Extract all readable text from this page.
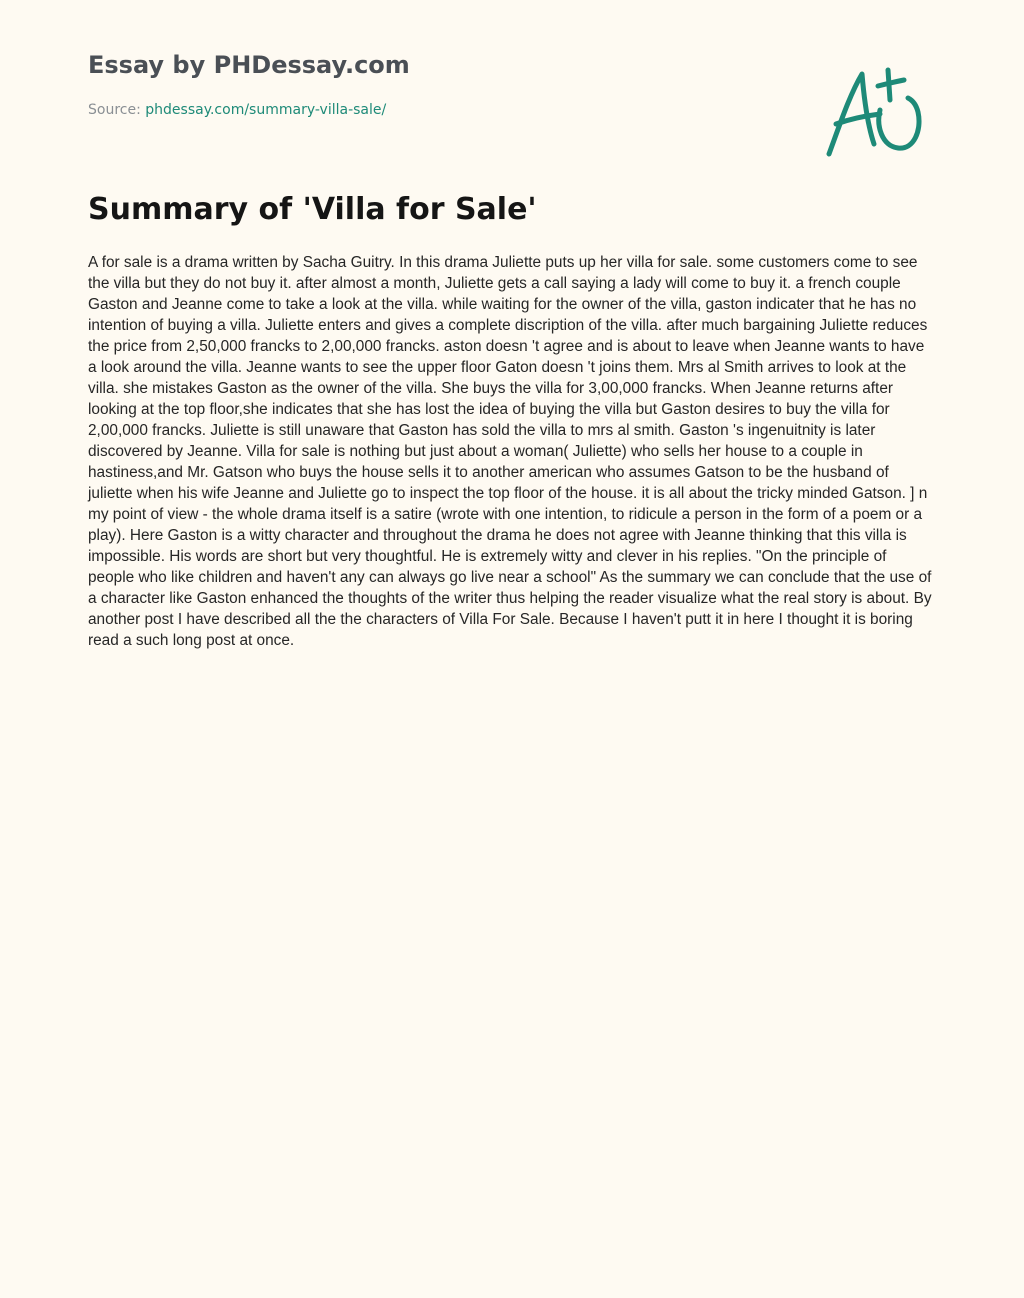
Essay by PHDessay.com
Source: phdessay.com/summary-villa-sale/
Summary of 'Villa for Sale'

A for sale is a drama written by Sacha Guitry. In this drama Juliette puts up her villa for sale. some customers come to see the villa but they do not buy it. after almost a month, Juliette gets a call saying a lady will come to buy it. a french couple Gaston and Jeanne come to take a look at the villa. while waiting for the owner of the villa, gaston indicater that he has no intention of buying a villa. Juliette enters and gives a complete discription of the villa. after much bargaining Juliette reduces the price from 2,50,000 francks to 2,00,000 francks. aston doesn 't agree and is about to leave when Jeanne wants to have a look around the villa. Jeanne wants to see the upper floor Gaton doesn 't joins them. Mrs al Smith arrives to look at the villa. she mistakes Gaston as the owner of the villa. She buys the villa for 3,00,000 francks. When Jeanne returns after looking at the top floor,she indicates that she has lost the idea of buying the villa but Gaston desires to buy the villa for 2,00,000 francks. Juliette is still unaware that Gaston has sold the villa to mrs al smith. Gaston 's ingenuitnity is later discovered by Jeanne. Villa for sale is nothing but just about a woman( Juliette) who sells her house to a couple in hastiness,and Mr. Gatson who buys the house sells it to another american who assumes Gatson to be the husband of juliette when his wife Jeanne and Juliette go to inspect the top floor of the house. it is all about the tricky minded Gatson. ] n my point of view - the whole drama itself is a satire (wrote with one intention, to ridicule a person in the form of a poem or a play). Here Gaston is a witty character and throughout the drama he does not agree with Jeanne thinking that this villa is impossible. His words are short but very thoughtful. He is extremely witty and clever in his replies. "On the principle of people who like children and haven't any can always go live near a school" As the summary we can conclude that the use of a character like Gaston enhanced the thoughts of the writer thus helping the reader visualize what the real story is about. By another post I have described all the the characters of Villa For Sale. Because I haven't putt it in here I thought it is boring read a such long post at once.
